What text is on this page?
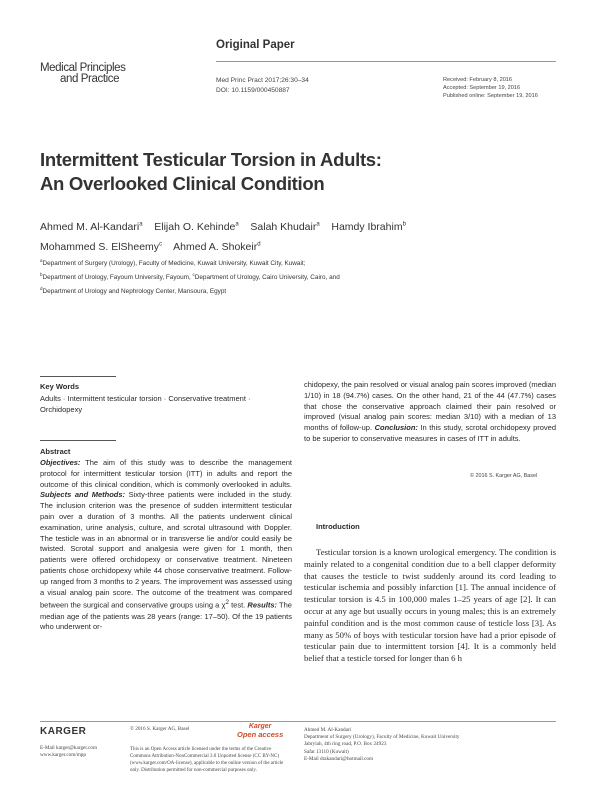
Original Paper
Medical Principles
and Practice	Med Princ Pract 2017;26:30–34
DOI: 10.1159/000450887
Received: February 8, 2016
Accepted: September 19, 2016
Published online: September 19, 2016
Intermittent Testicular Torsion in Adults:
An Overlooked Clinical Condition
Ahmed M. Al-Kandari$^a$ Elijah O. Kehinde$^a$ Salah Khudair$^a$ Hamdy Ibrahim$^b$
Mohammed S. ElSheemy$^c$ Ahmed A. Shokeir$^d$
$^a$Department of Surgery (Urology), Faculty of Medicine, Kuwait University, Kuwait City, Kuwait;
$^b$Department of Urology, Fayoum University, Fayoum, $^c$Department of Urology, Cairo University, Cairo, and
$^d$Department of Urology and Nephrology Center, Mansoura, Egypt
Key Words
Adults · Intermittent testicular torsion · Conservative treatment · Orchidopexy
Abstract
Objectives: The aim of this study was to describe the management protocol for intermittent testicular torsion (ITT) in adults and report the outcome of this clinical condition, which is commonly overlooked in adults. Subjects and Methods: Sixty-three patients were included in the study. The inclusion criterion was the presence of sudden intermittent testicular pain over a duration of 3 months. All the patients underwent clinical examination, urine analysis, culture, and scrotal ultrasound with Doppler. The testicle was in an abnormal or in transverse lie and/or could easily be twisted. Scrotal support and analgesia were given for 1 month, then patients were offered orchidopexy or conservative treatment. Nineteen patients chose orchidopexy while 44 chose conservative treatment. Follow-up ranged from 3 months to 2 years. The improvement was assessed using a visual analog pain score. The outcome of the treatment was compared between the surgical and conservative groups using a $\chi^2$ test. Results: The median age of the patients was 28 years (range: 17–50). Of the 19 patients who underwent or-
chidopexy, the pain resolved or visual analog pain scores improved (median 1/10) in 18 (94.7%) cases. On the other hand, 21 of the 44 (47.7%) cases that chose the conservative approach claimed their pain resolved or improved (visual analog pain scores: median 3/10) with a median of 13 months of follow-up. Conclusion: In this study, scrotal orchidopexy proved to be superior to conservative measures in cases of ITT in adults.
© 2016 S. Karger AG, Basel
Introduction
Testicular torsion is a known urological emergency. The condition is mainly related to a congenital condition due to a bell clapper deformity that causes the testicle to twist suddenly around its cord leading to testicular ischemia and possibly infarction [1]. The annual incidence of testicular torsion is 4.5 in 100,000 males 1–25 years of age [2]. It can occur at any age but usually occurs in young males; this is an extremely painful condition and is the most common cause of testicle loss [3]. As many as 50% of boys with testicular torsion have had a prior episode of testicular pain due to intermittent torsion [4]. It is a commonly held belief that a testicle torsed for longer than 6 h
KARGER
E-Mail karger@karger.com
www.karger.com/mpp
© 2016 S. Karger AG, Basel	Karger
Open access
This is an Open Access article licensed under the terms of the Creative Commons Attribution-NonCommercial 3.0 Unported license (CC BY-NC) (www.karger.com/OA-license), applicable to the online version of the article only. Distribution permitted for non-commercial purposes only.
Ahmed M. Al-Kandari
Department of Surgery (Urology), Faculty of Medicine, Kuwait University
Jabryiah, 4th ring road, P.O. Box 24923
Safat 13110 (Kuwait)
E-Mail drakandari@hotmail.com
